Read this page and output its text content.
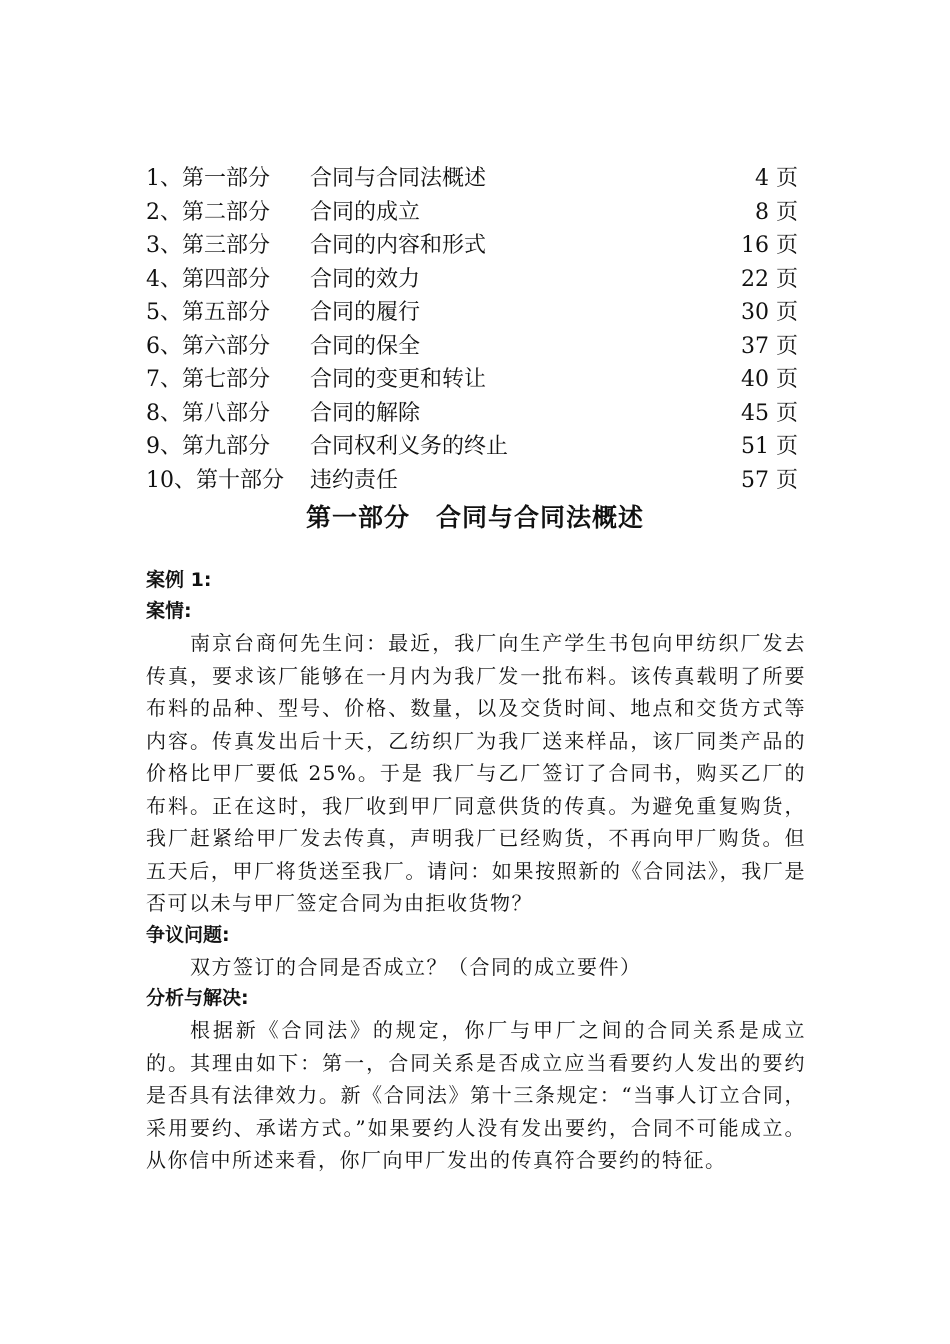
1、第一部分 合同与合同法概述	4 页
2、第二部分 合同的成立	8 页
3、第三部分 合同的内容和形式	16 页
4、第四部分 合同的效力	22 页
5、第五部分 合同的履行	30 页
6、第六部分 合同的保全	37 页
7、第七部分 合同的变更和转让	40 页
8、第八部分 合同的解除	45 页
9、第九部分 合同权利义务的终止	51 页
10、第十部分 违约责任	57 页
第一部分　合同与合同法概述
案例 1:
案情:

南京台商何先生问：最近，我厂向生产学生书包向甲纺织厂发去传真，要求该厂能够在一月内为我厂发一批布料。该传真载明了所要布料的品种、型号、价格、数量，以及交货时间、地点和交货方式等内容。传真发出后十天，乙纺织厂为我厂送来样品，该厂同类产品的价格比甲厂要低 25%。于是 我厂与乙厂签订了合同书，购买乙厂的布料。正在这时，我厂收到甲厂同意供货的传真。为避免重复购货，我厂赶紧给甲厂发去传真，声明我厂已经购货，不再向甲厂购货。但五天后，甲厂将货送至我厂。请问：如果按照新的《合同法》，我厂是否可以未与甲厂签定合同为由拒收货物？

争议问题:

双方签订的合同是否成立？（合同的成立要件）

分析与解决:

根据新《合同法》的规定，你厂与甲厂之间的合同关系是成立的。其理由如下：第一，合同关系是否成立应当看要约人发出的要约是否具有法律效力。新《合同法》第十三条规定：“当事人订立合同，采用要约、承诺方式。”如果要约人没有发出要约，合同不可能成立。从你信中所述来看，你厂向甲厂发出的传真符合要约的特征。
